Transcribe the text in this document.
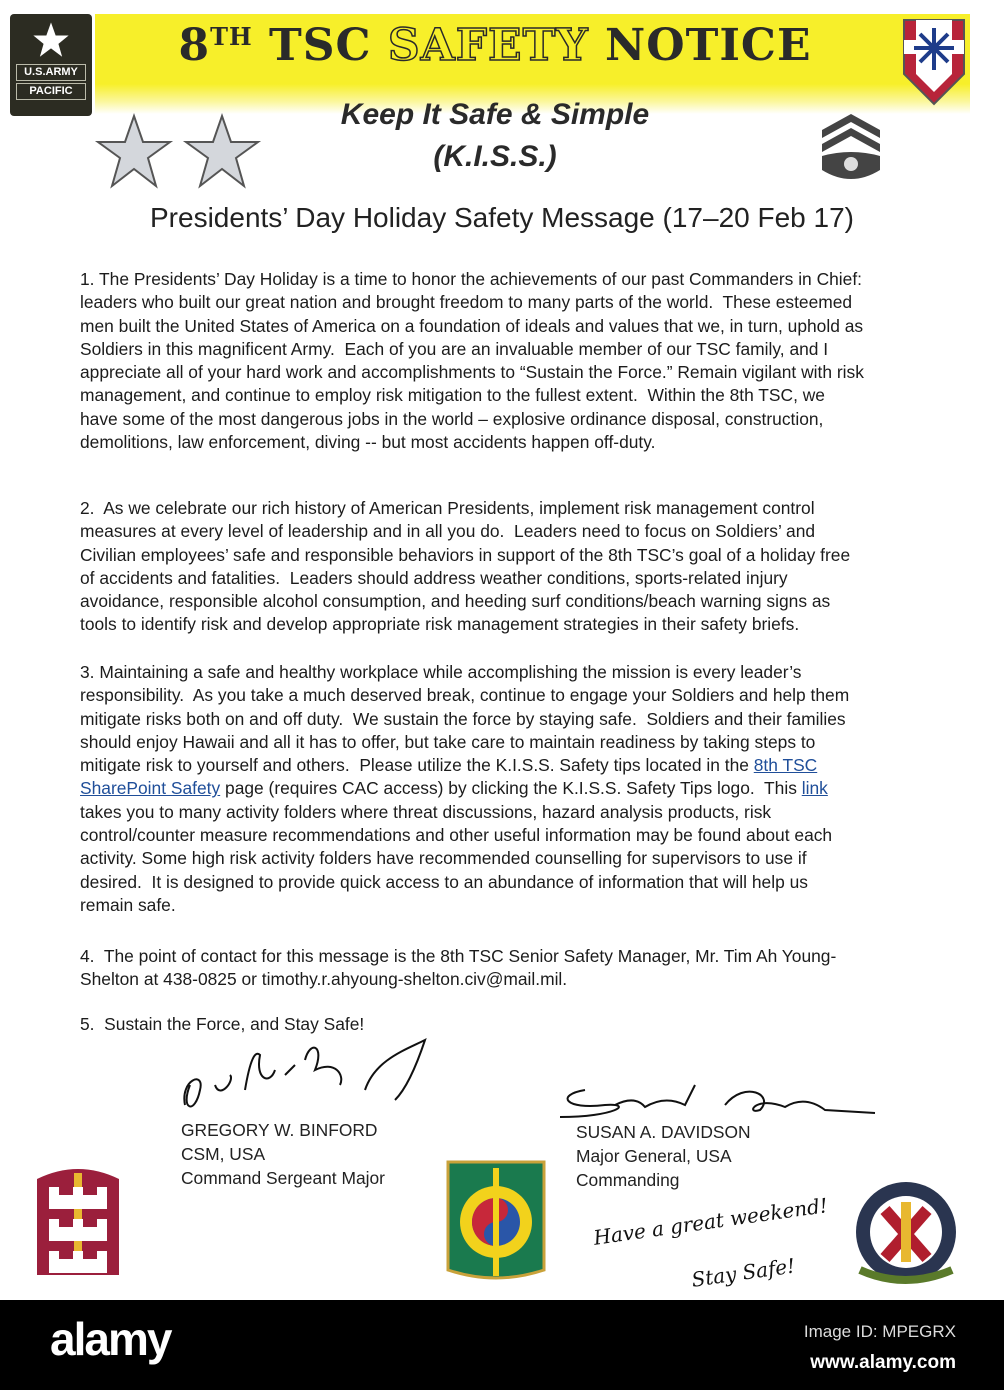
U.S.ARMY
PACIFIC
8TH TSC SAFETY NOTICE
Keep It Safe & Simple
(K.I.S.S.)
Presidents’ Day Holiday Safety Message (17–20 Feb 17)
1. The Presidents’ Day Holiday is a time to honor the achievements of our past Commanders in Chief:
leaders who built our great nation and brought freedom to many parts of the world.  These esteemed
men built the United States of America on a foundation of ideals and values that we, in turn, uphold as
Soldiers in this magnificent Army.  Each of you are an invaluable member of our TSC family, and I
appreciate all of your hard work and accomplishments to “Sustain the Force.” Remain vigilant with risk
management, and continue to employ risk mitigation to the fullest extent.  Within the 8th TSC, we
have some of the most dangerous jobs in the world – explosive ordinance disposal, construction,
demolitions, law enforcement, diving -- but most accidents happen off-duty.
2.  As we celebrate our rich history of American Presidents, implement risk management control
measures at every level of leadership and in all you do.  Leaders need to focus on Soldiers’ and
Civilian employees’ safe and responsible behaviors in support of the 8th TSC’s goal of a holiday free
of accidents and fatalities.  Leaders should address weather conditions, sports-related injury
avoidance, responsible alcohol consumption, and heeding surf conditions/beach warning signs as
tools to identify risk and develop appropriate risk management strategies in their safety briefs.
3. Maintaining a safe and healthy workplace while accomplishing the mission is every leader’s
responsibility.  As you take a much deserved break, continue to engage your Soldiers and help them
mitigate risks both on and off duty.  We sustain the force by staying safe.  Soldiers and their families
should enjoy Hawaii and all it has to offer, but take care to maintain readiness by taking steps to
mitigate risk to yourself and others.  Please utilize the K.I.S.S. Safety tips located in the 8th TSC
SharePoint Safety page (requires CAC access) by clicking the K.I.S.S. Safety Tips logo.  This link
takes you to many activity folders where threat discussions, hazard analysis products, risk
control/counter measure recommendations and other useful information may be found about each
activity. Some high risk activity folders have recommended counselling for supervisors to use if
desired.  It is designed to provide quick access to an abundance of information that will help us
remain safe.
4.  The point of contact for this message is the 8th TSC Senior Safety Manager, Mr. Tim Ah Young-
Shelton at 438-0825 or timothy.r.ahyoung-shelton.civ@mail.mil.
5.  Sustain the Force, and Stay Safe!
GREGORY W. BINFORD
CSM, USA
Command Sergeant Major
SUSAN A. DAVIDSON
Major General, USA
Commanding
Have a great weekend!
Stay Safe!
alamy	Image ID: MPEGRX
www.alamy.com
